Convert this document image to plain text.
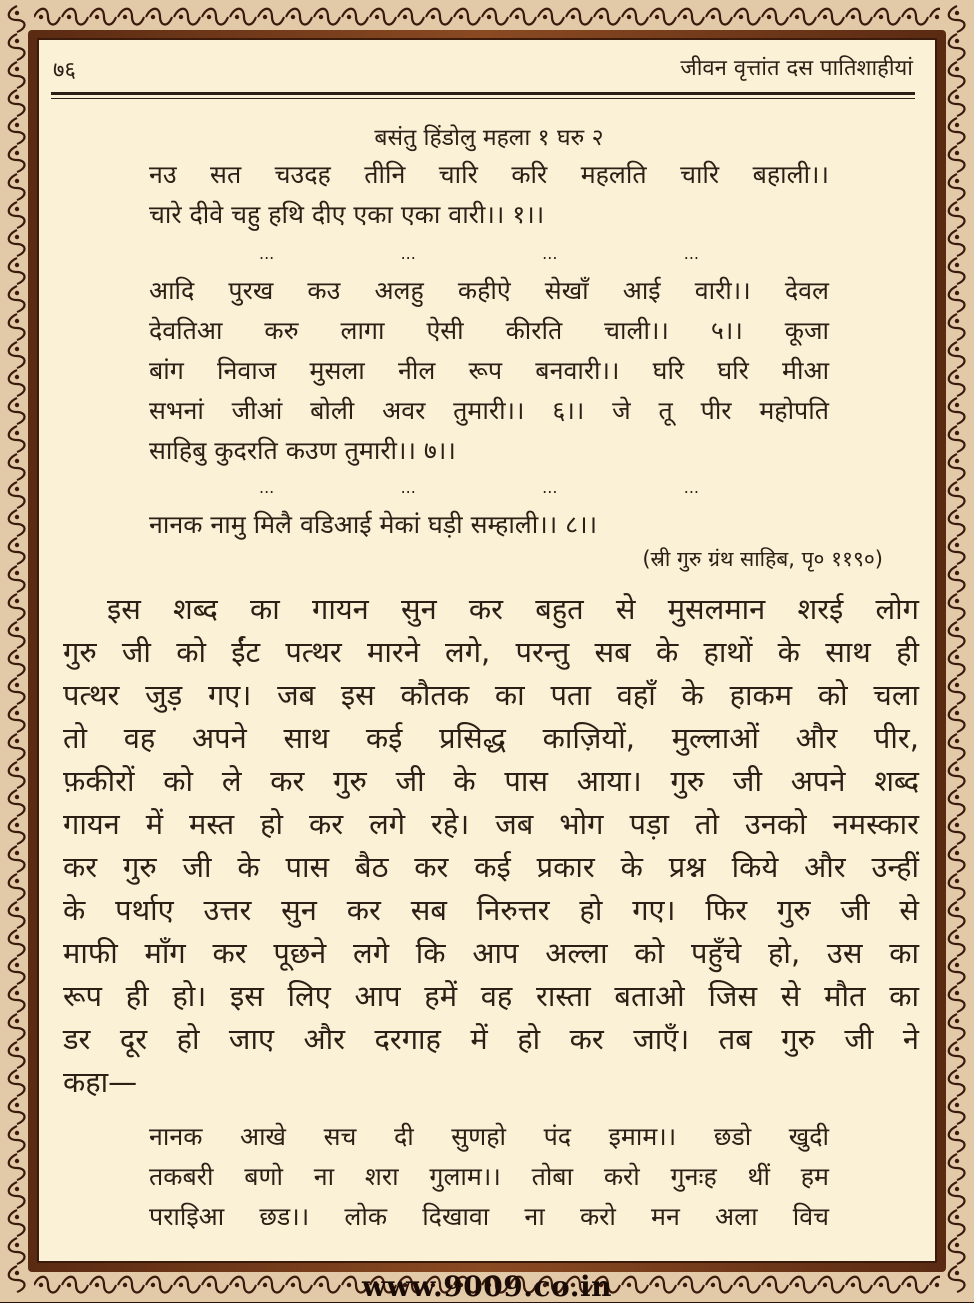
७६	जीवन वृत्तांत दस पातिशाहीयां
बसंतु हिंडोलु महला १ घरु २
नउ सत चउदह तीनि चारि करि महलति चारि बहाली।।
चारे दीवे चहु हथि दीए एका एका वारी।। १।।
...	...	...	...
आदि पुरख कउ अलहु कहीऐ सेखाँ आई वारी।। देवल
देवतिआ करु लागा ऐसी कीरति चाली।। ५।। कूजा
बांग निवाज मुसला नील रूप बनवारी।। घरि घरि मीआ
सभनां जीआं बोली अवर तुमारी।। ६।। जे तू पीर महोपति
साहिबु कुदरति कउण तुमारी।। ७।।
...	...	...	...
नानक नामु मिलै वडिआई मेकां घड़ी सम्हाली।। ८।।
(स्री गुरु ग्रंथ साहिब, पृ० ११९०)
इस शब्द का गायन सुन कर बहुत से मुसलमान शरई लोग
गुरु जी को ईंट पत्थर मारने लगे, परन्तु सब के हाथों के साथ ही
पत्थर जुड़ गए। जब इस कौतक का पता वहाँ के हाकम को चला
तो वह अपने साथ कई प्रसिद्ध काज़ियों, मुल्लाओं और पीर,
फ़कीरों को ले कर गुरु जी के पास आया। गुरु जी अपने शब्द
गायन में मस्त हो कर लगे रहे। जब भोग पड़ा तो उनको नमस्कार
कर गुरु जी के पास बैठ कर कई प्रकार के प्रश्न किये और उन्हीं
के पर्थाए उत्तर सुन कर सब निरुत्तर हो गए। फिर गुरु जी से
माफी माँग कर पूछने लगे कि आप अल्ला को पहुँचे हो, उस का
रूप ही हो। इस लिए आप हमें वह रास्ता बताओ जिस से मौत का
डर दूर हो जाए और दरगाह में हो कर जाएँ। तब गुरु जी ने
कहा—
नानक आखे सच दी सुणहो पंद इमाम।। छडो खुदी
तकबरी बणो ना शरा गुलाम।। तोबा करो गुनःह थीं हम
पराइिआ छड।। लोक दिखावा ना करो मन अला विच
www.9009.co.in
